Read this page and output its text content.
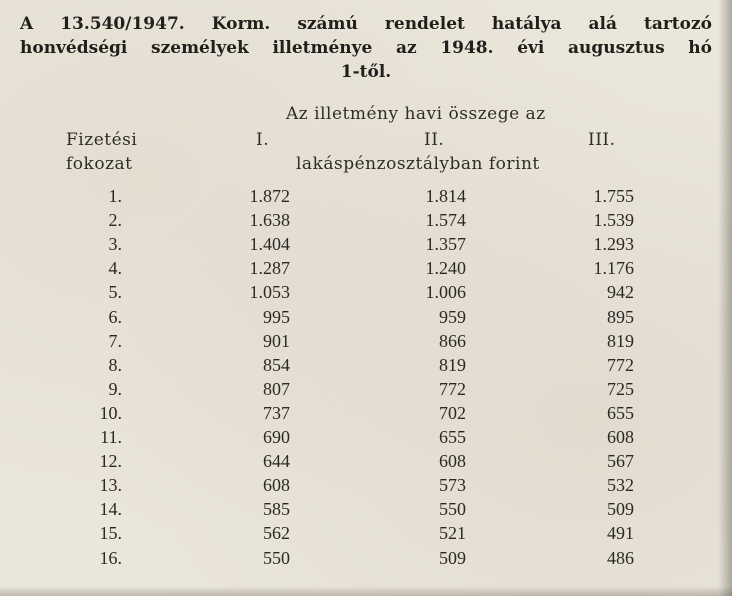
A 13.540/1947. Korm. számú rendelet hatálya alá tartozó
honvédségi személyek illetménye az 1948. évi augusztus hó
1-től.
Az illetmény havi összege az
Fizetési
fokozat
I.	II.	III.
lakáspénzosztályban forint
1.	1.872	1.814	1.755
2.	1.638	1.574	1.539
3.	1.404	1.357	1.293
4.	1.287	1.240	1.176
5.	1.053	1.006	942
6.	995	959	895
7.	901	866	819
8.	854	819	772
9.	807	772	725
10.	737	702	655
11.	690	655	608
12.	644	608	567
13.	608	573	532
14.	585	550	509
15.	562	521	491
16.	550	509	486
